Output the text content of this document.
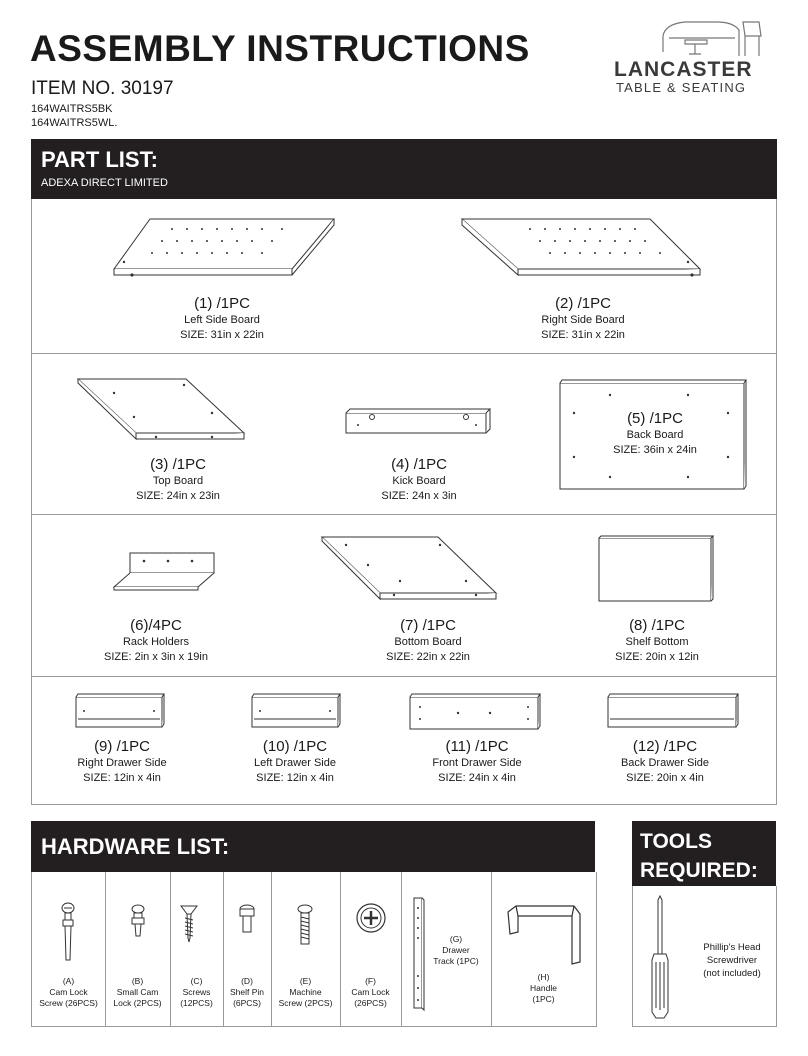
ASSEMBLY INSTRUCTIONS
ITEM NO. 30197
164WAITRS5BK
164WAITRS5WL.
LANCASTER
TABLE & SEATING
PART LIST:
ADEXA DIRECT LIMITED
(1) /1PC
Left Side Board
SIZE: 31in x 22in
(2) /1PC
Right Side Board
SIZE: 31in x 22in
(3) /1PC
Top Board
SIZE: 24in x 23in
(4) /1PC
Kick Board
SIZE: 24n x 3in
(5) /1PC
Back Board
SIZE: 36in x 24in
(6)/4PC
Rack Holders
SIZE: 2in x 3in x 19in
(7) /1PC
Bottom Board
SIZE: 22in x 22in
(8) /1PC
Shelf Bottom
SIZE: 20in x 12in
(9) /1PC
Right Drawer Side
SIZE: 12in x 4in
(10) /1PC
Left Drawer Side
SIZE: 12in x 4in
(11) /1PC
Front Drawer Side
SIZE: 24in x 4in
(12) /1PC
Back Drawer Side
SIZE: 20in x 4in
HARDWARE LIST:	TOOLS
REQUIRED:
(A)
Cam Lock
Screw (26PCS)
(B)
Small Cam
Lock (2PCS)
(C)
Screws
(12PCS)
(D)
Shelf Pin
(6PCS)
(E)
Machine
Screw (2PCS)
(F)
Cam Lock
(26PCS)
(G)
Drawer
Track (1PC)
(H)
Handle
(1PC)
Phillip's Head
Screwdriver
(not included)
